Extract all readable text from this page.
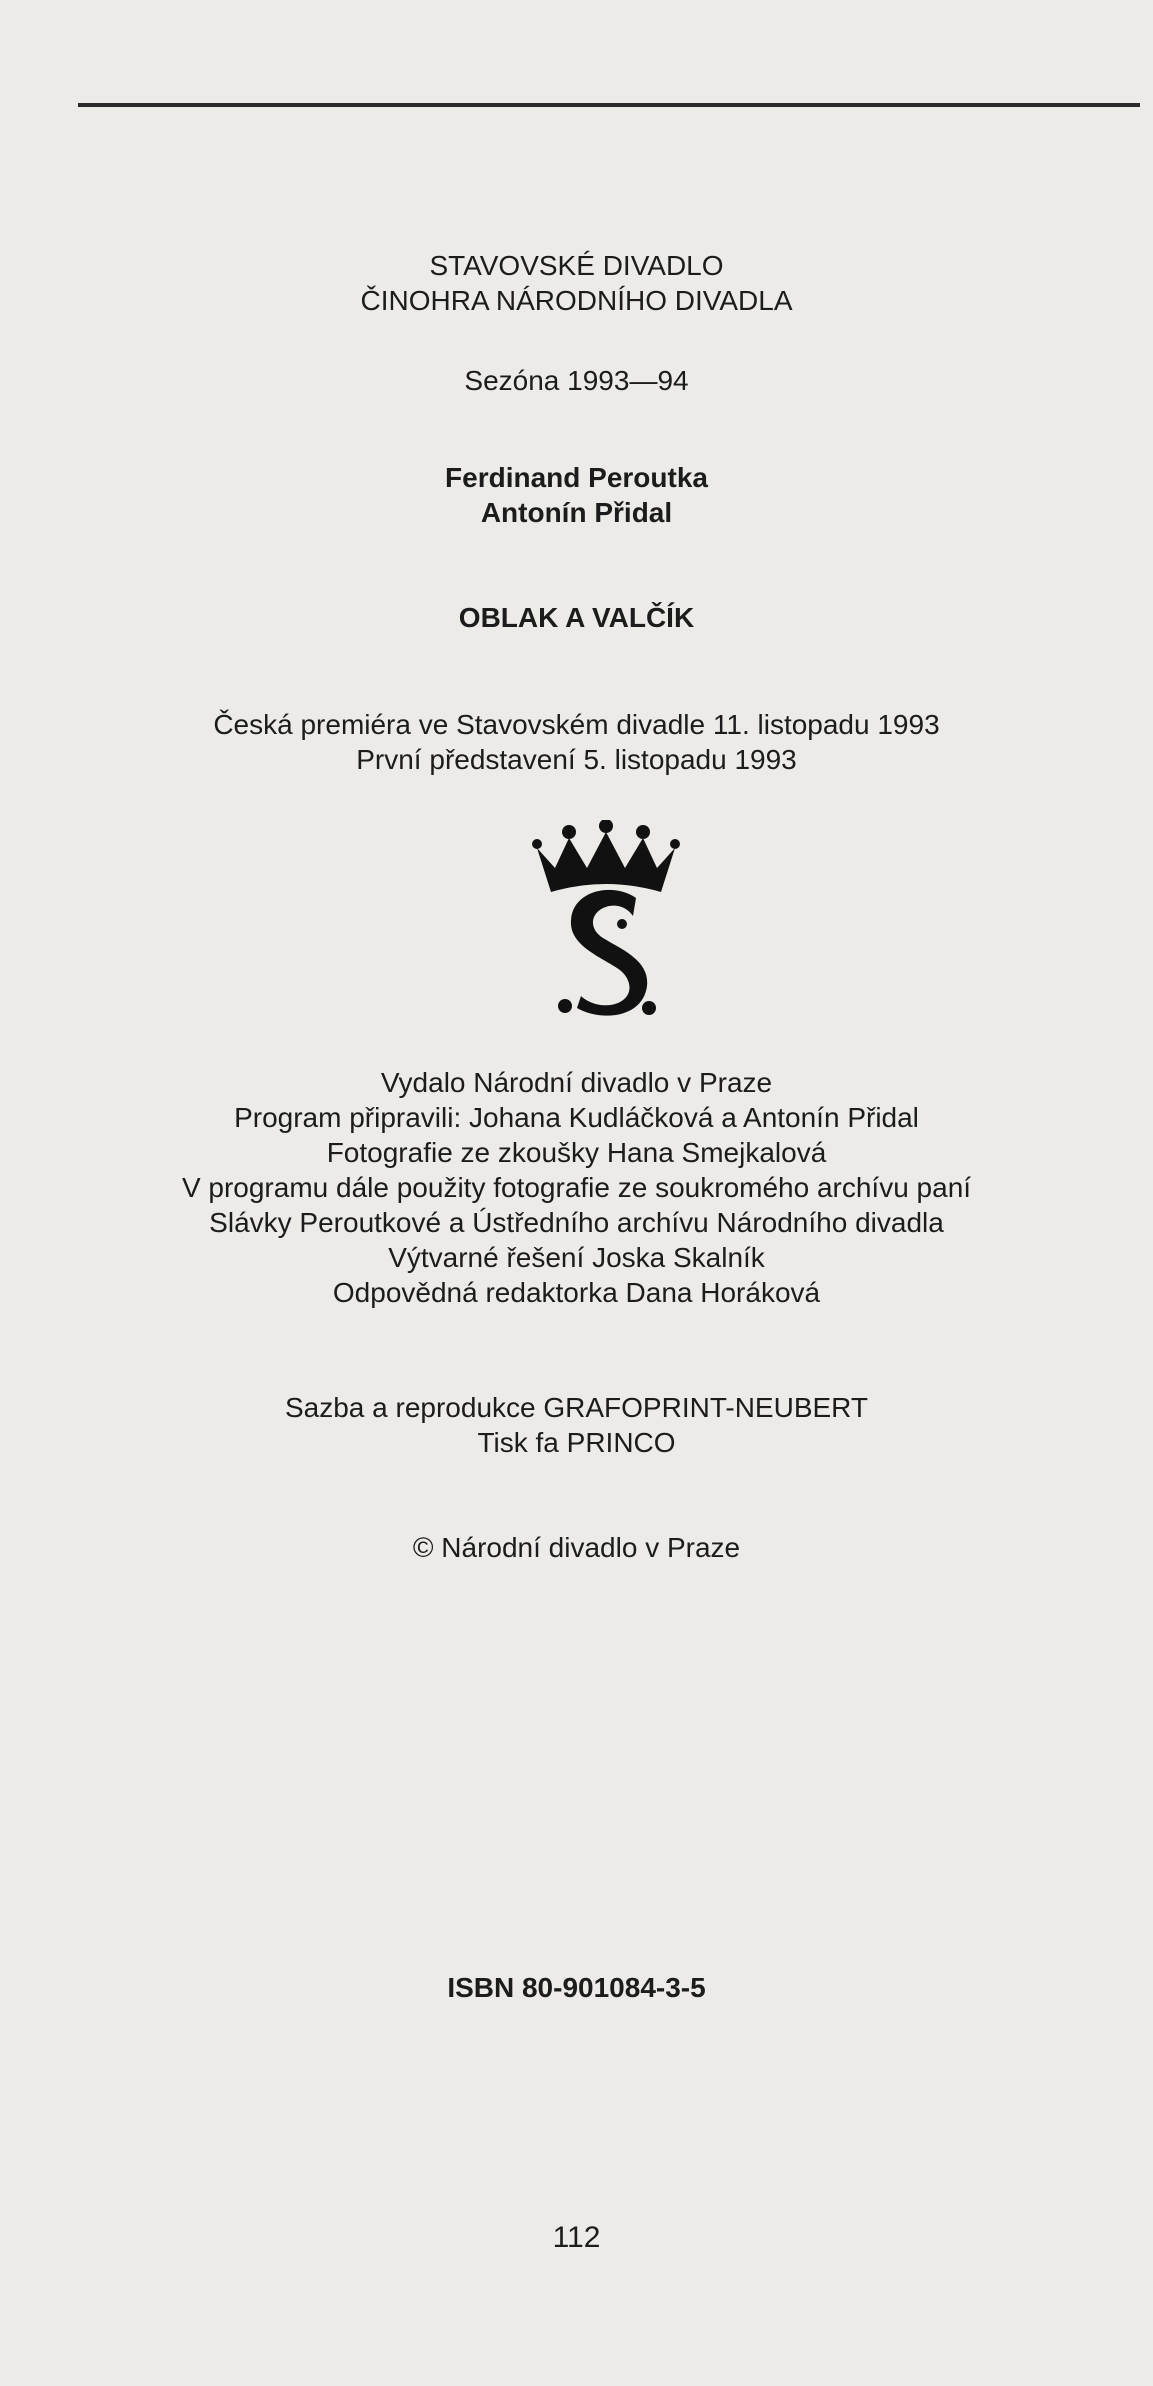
STAVOVSKÉ DIVADLO
ČINOHRA NÁRODNÍHO DIVADLA
Sezóna 1993—94
Ferdinand Peroutka
Antonín Přidal
OBLAK A VALČÍK
Česká premiéra ve Stavovském divadle 11. listopadu 1993
První představení 5. listopadu 1993
Vydalo Národní divadlo v Praze
Program připravili: Johana Kudláčková a Antonín Přidal
Fotografie ze zkoušky Hana Smejkalová
V programu dále použity fotografie ze soukromého archívu paní
Slávky Peroutkové a Ústředního archívu Národního divadla
Výtvarné řešení Joska Skalník
Odpovědná redaktorka Dana Horáková
Sazba a reprodukce GRAFOPRINT-NEUBERT
Tisk fa PRINCO
© Národní divadlo v Praze
ISBN 80-901084-3-5
112
